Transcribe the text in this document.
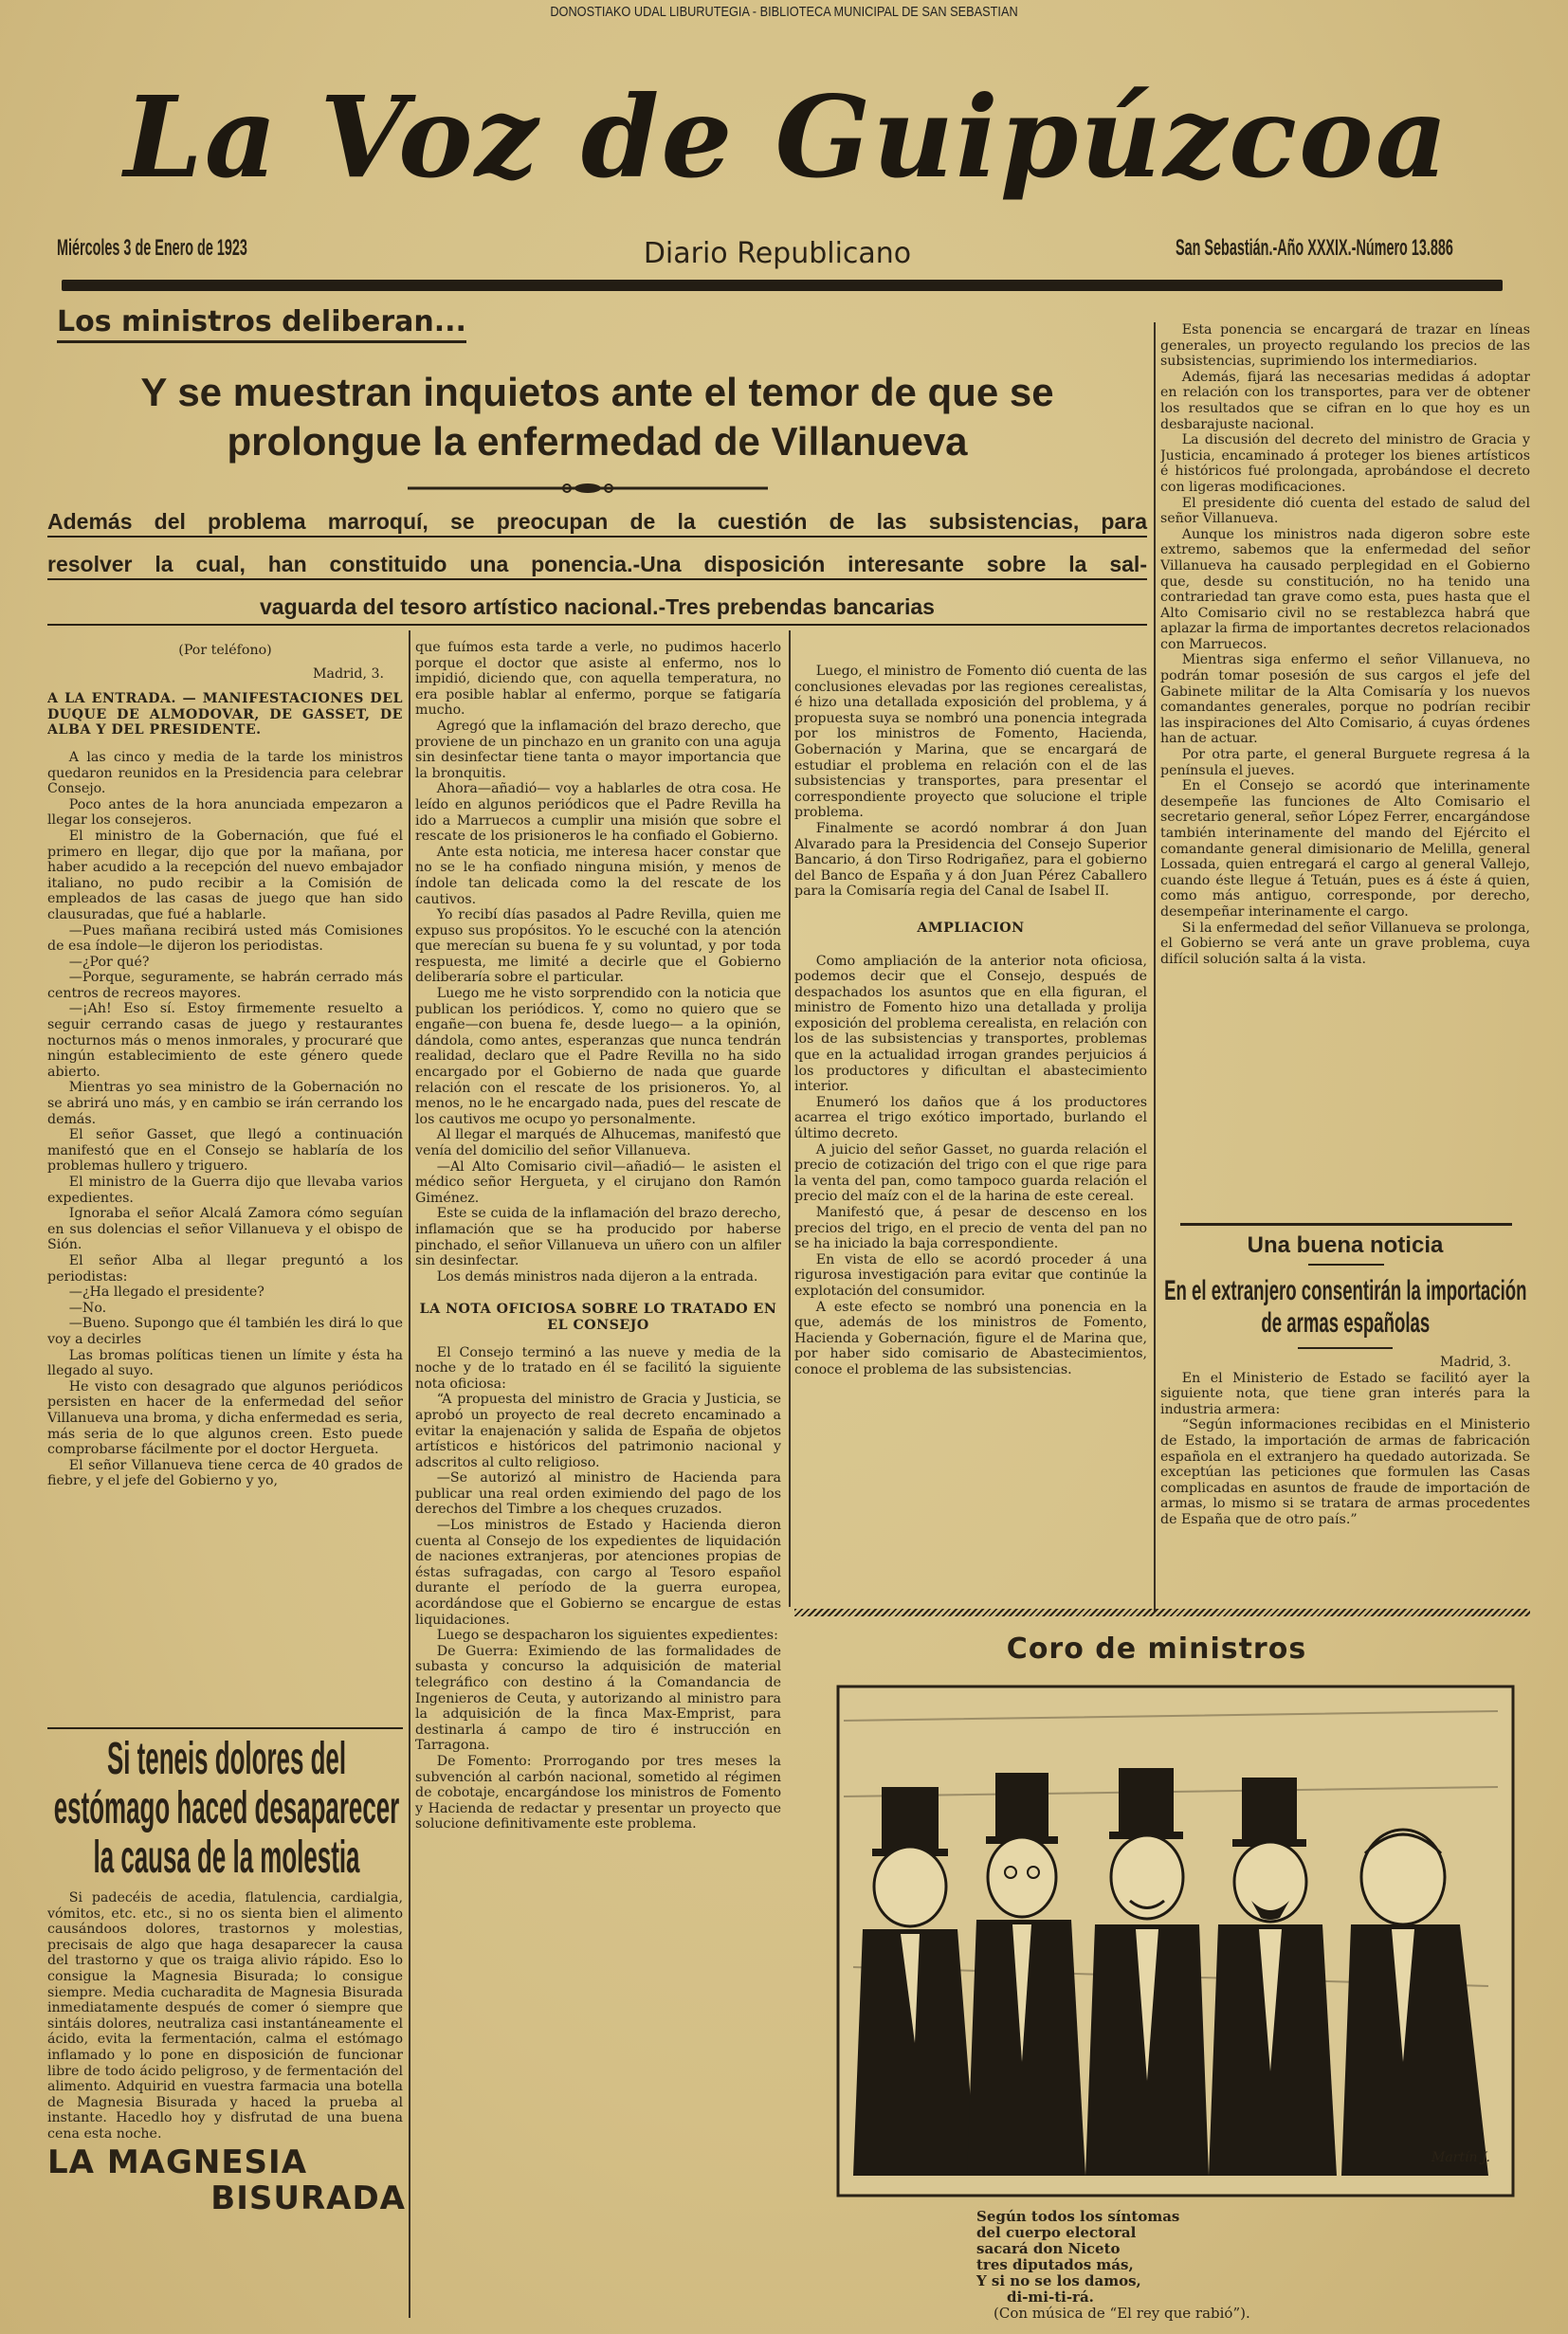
DONOSTIAKO UDAL LIBURUTEGIA - BIBLIOTECA MUNICIPAL DE SAN SEBASTIAN
La Voz de Guipúzcoa
Miércoles 3 de Enero de 1923	Diario Republicano	San Sebastián.-Año XXXIX.-Número 13.886
Los ministros deliberan...
Y se muestran inquietos ante el temor de que se prolongue la enfermedad de Villanueva
Además del problema marroquí, se preocupan de la cuestión de las subsistencias, para
resolver la cual, han constituido una ponencia.-Una disposición interesante sobre la sal-
vaguarda del tesoro artístico nacional.-Tres prebendas bancarias

(Por teléfono)

Madrid, 3.

A LA ENTRADA. — MANIFESTACIONES DEL DUQUE DE ALMODOVAR, DE GASSET, DE ALBA Y DEL PRESIDENTE.

A las cinco y media de la tarde los ministros quedaron reunidos en la Presidencia para celebrar Consejo.

Poco antes de la hora anunciada empezaron a llegar los consejeros.

El ministro de la Gobernación, que fué el primero en llegar, dijo que por la mañana, por haber acudido a la recepción del nuevo embajador italiano, no pudo recibir a la Comisión de empleados de las casas de juego que han sido clausuradas, que fué a hablarle.

—Pues mañana recibirá usted más Comisiones de esa índole—le dijeron los periodistas.

—¿Por qué?

—Porque, seguramente, se habrán cerrado más centros de recreos mayores.

—¡Ah! Eso sí. Estoy firmemente resuelto a seguir cerrando casas de juego y restaurantes nocturnos más o menos inmorales, y procuraré que ningún establecimiento de este género quede abierto.

Mientras yo sea ministro de la Gobernación no se abrirá uno más, y en cambio se irán cerrando los demás.

El señor Gasset, que llegó a continuación manifestó que en el Consejo se hablaría de los problemas hullero y triguero.

El ministro de la Guerra dijo que llevaba varios expedientes.

Ignoraba el señor Alcalá Zamora cómo seguían en sus dolencias el señor Villanueva y el obispo de Sión.

El señor Alba al llegar preguntó a los periodistas:

—¿Ha llegado el presidente?

—No.

—Bueno. Supongo que él también les dirá lo que voy a decirles

Las bromas políticas tienen un límite y ésta ha llegado al suyo.

He visto con desagrado que algunos periódicos persisten en hacer de la enfermedad del señor Villanueva una broma, y dicha enfermedad es seria, más seria de lo que algunos creen. Esto puede comprobarse fácilmente por el doctor Hergueta.

El señor Villanueva tiene cerca de 40 grados de fiebre, y el jefe del Gobierno y yo,

Si teneis dolores del estómago haced desaparecer la causa de la molestia

Si padecéis de acedia, flatulencia, cardialgia, vómitos, etc. etc., si no os sienta bien el alimento causándoos dolores, trastornos y molestias, precisais de algo que haga desaparecer la causa del trastorno y que os traiga alivio rápido. Eso lo consigue la Magnesia Bisurada; lo consigue siempre. Media cucharadita de Magnesia Bisurada inmediatamente después de comer ó siempre que sintáis dolores, neutraliza casi instantáneamente el ácido, evita la fermentación, calma el estómago inflamado y lo pone en disposición de funcionar libre de todo ácido peligroso, y de fermentación del alimento. Adquirid en vuestra farmacia una botella de Magnesia Bisurada y haced la prueba al instante. Hacedlo hoy y disfrutad de una buena cena esta noche.

LA MAGNESIA
BISURADA

que fuímos esta tarde a verle, no pudimos hacerlo porque el doctor que asiste al enfermo, nos lo impidió, diciendo que, con aquella temperatura, no era posible hablar al enfermo, porque se fatigaría mucho.

Agregó que la inflamación del brazo derecho, que proviene de un pinchazo en un granito con una aguja sin desinfectar tiene tanta o mayor importancia que la bronquitis.

Ahora—añadió— voy a hablarles de otra cosa. He leído en algunos periódicos que el Padre Revilla ha ido a Marruecos a cumplir una misión que sobre el rescate de los prisioneros le ha confiado el Gobierno.

Ante esta noticia, me interesa hacer constar que no se le ha confiado ninguna misión, y menos de índole tan delicada como la del rescate de los cautivos.

Yo recibí días pasados al Padre Revilla, quien me expuso sus propósitos. Yo le escuché con la atención que merecían su buena fe y su voluntad, y por toda respuesta, me limité a decirle que el Gobierno deliberaría sobre el particular.

Luego me he visto sorprendido con la noticia que publican los periódicos. Y, como no quiero que se engañe—con buena fe, desde luego— a la opinión, dándola, como antes, esperanzas que nunca tendrán realidad, declaro que el Padre Revilla no ha sido encargado por el Gobierno de nada que guarde relación con el rescate de los prisioneros. Yo, al menos, no le he encargado nada, pues del rescate de los cautivos me ocupo yo personalmente.

Al llegar el marqués de Alhucemas, manifestó que venía del domicilio del señor Villanueva.

—Al Alto Comisario civil—añadió— le asisten el médico señor Hergueta, y el cirujano don Ramón Giménez.

Este se cuida de la inflamación del brazo derecho, inflamación que se ha producido por haberse pinchado, el señor Villanueva un uñero con un alfiler sin desinfectar.

Los demás ministros nada dijeron a la entrada.

LA NOTA OFICIOSA SOBRE LO TRATADO EN EL CONSEJO

El Consejo terminó a las nueve y media de la noche y de lo tratado en él se facilitó la siguiente nota oficiosa:

“A propuesta del ministro de Gracia y Justicia, se aprobó un proyecto de real decreto encaminado a evitar la enajenación y salida de España de objetos artísticos e históricos del patrimonio nacional y adscritos al culto religioso.

—Se autorizó al ministro de Hacienda para publicar una real orden eximiendo del pago de los derechos del Timbre a los cheques cruzados.

—Los ministros de Estado y Hacienda dieron cuenta al Consejo de los expedientes de liquidación de naciones extranjeras, por atenciones propias de éstas sufragadas, con cargo al Tesoro español durante el período de la guerra europea, acordándose que el Gobierno se encargue de estas liquidaciones.

Luego se despacharon los siguientes expedientes:

De Guerra: Eximiendo de las formalidades de subasta y concurso la adquisición de material telegráfico con destino á la Comandancia de Ingenieros de Ceuta, y autorizando al ministro para la adquisición de la finca Max-Emprist, para destinarla á campo de tiro é instrucción en Tarragona.

De Fomento: Prorrogando por tres meses la subvención al carbón nacional, sometido al régimen de cobotaje, encargándose los ministros de Fomento y Hacienda de redactar y presentar un proyecto que solucione definitivamente este problema.

Luego, el ministro de Fomento dió cuenta de las conclusiones elevadas por las regiones cerealistas, é hizo una detallada exposición del problema, y á propuesta suya se nombró una ponencia integrada por los ministros de Fomento, Hacienda, Gobernación y Marina, que se encargará de estudiar el problema en relación con el de las subsistencias y transportes, para presentar el correspondiente proyecto que solucione el triple problema.

Finalmente se acordó nombrar á don Juan Alvarado para la Presidencia del Consejo Superior Bancario, á don Tirso Rodrigañez, para el gobierno del Banco de España y á don Juan Pérez Caballero para la Comisaría regia del Canal de Isabel II.

AMPLIACION

Como ampliación de la anterior nota oficiosa, podemos decir que el Consejo, después de despachados los asuntos que en ella figuran, el ministro de Fomento hizo una detallada y prolija exposición del problema cerealista, en relación con los de las subsistencias y transportes, problemas que en la actualidad irrogan grandes perjuicios á los productores y dificultan el abastecimiento interior.

Enumeró los daños que á los productores acarrea el trigo exótico importado, burlando el último decreto.

A juicio del señor Gasset, no guarda relación el precio de cotización del trigo con el que rige para la venta del pan, como tampoco guarda relación el precio del maíz con el de la harina de este cereal.

Manifestó que, á pesar de descenso en los precios del trigo, en el precio de venta del pan no se ha iniciado la baja correspondiente.

En vista de ello se acordó proceder á una rigurosa investigación para evitar que continúe la explotación del consumidor.

A este efecto se nombró una ponencia en la que, además de los ministros de Fomento, Hacienda y Gobernación, figure el de Marina que, por haber sido comisario de Abastecimientos, conoce el problema de las subsistencias.

Esta ponencia se encargará de trazar en líneas generales, un proyecto regulando los precios de las subsistencias, suprimiendo los intermediarios.

Además, fijará las necesarias medidas á adoptar en relación con los transportes, para ver de obtener los resultados que se cifran en lo que hoy es un desbarajuste nacional.

La discusión del decreto del ministro de Gracia y Justicia, encaminado á proteger los bienes artísticos é históricos fué prolongada, aprobándose el decreto con ligeras modificaciones.

El presidente dió cuenta del estado de salud del señor Villanueva.

Aunque los ministros nada digeron sobre este extremo, sabemos que la enfermedad del señor Villanueva ha causado perplegidad en el Gobierno que, desde su constitución, no ha tenido una contrariedad tan grave como esta, pues hasta que el Alto Comisario civil no se restablezca habrá que aplazar la firma de importantes decretos relacionados con Marruecos.

Mientras siga enfermo el señor Villanueva, no podrán tomar posesión de sus cargos el jefe del Gabinete militar de la Alta Comisaría y los nuevos comandantes generales, porque no podrían recibir las inspiraciones del Alto Comisario, á cuyas órdenes han de actuar.

Por otra parte, el general Burguete regresa á la península el jueves.

En el Consejo se acordó que interinamente desempeñe las funciones de Alto Comisario el secretario general, señor López Ferrer, encargándose también interinamente del mando del Ejército el comandante general dimisionario de Melilla, general Lossada, quien entregará el cargo al general Vallejo, cuando éste llegue á Tetuán, pues es á éste á quien, como más antiguo, corresponde, por derecho, desempeñar interinamente el cargo.

Si la enfermedad del señor Villanueva se prolonga, el Gobierno se verá ante un grave problema, cuya difícil solución salta á la vista.

Una buena noticia
En el extranjero consentirán la importación de armas españolas

Madrid, 3.

En el Ministerio de Estado se facilitó ayer la siguiente nota, que tiene gran interés para la industria armera:

“Según informaciones recibidas en el Ministerio de Estado, la importación de armas de fabricación española en el extranjero ha quedado autorizada. Se exceptúan las peticiones que formulen las Casas complicadas en asuntos de fraude de importación de armas, lo mismo si se tratara de armas procedentes de España que de otro país.”

Coro de ministros
Martín J.
Según todos los síntomas
del cuerpo electoral
sacará don Niceto
tres diputados más,
Y si no se los damos,
di-mi-ti-rá.
(Con música de “El rey que rabió”).
